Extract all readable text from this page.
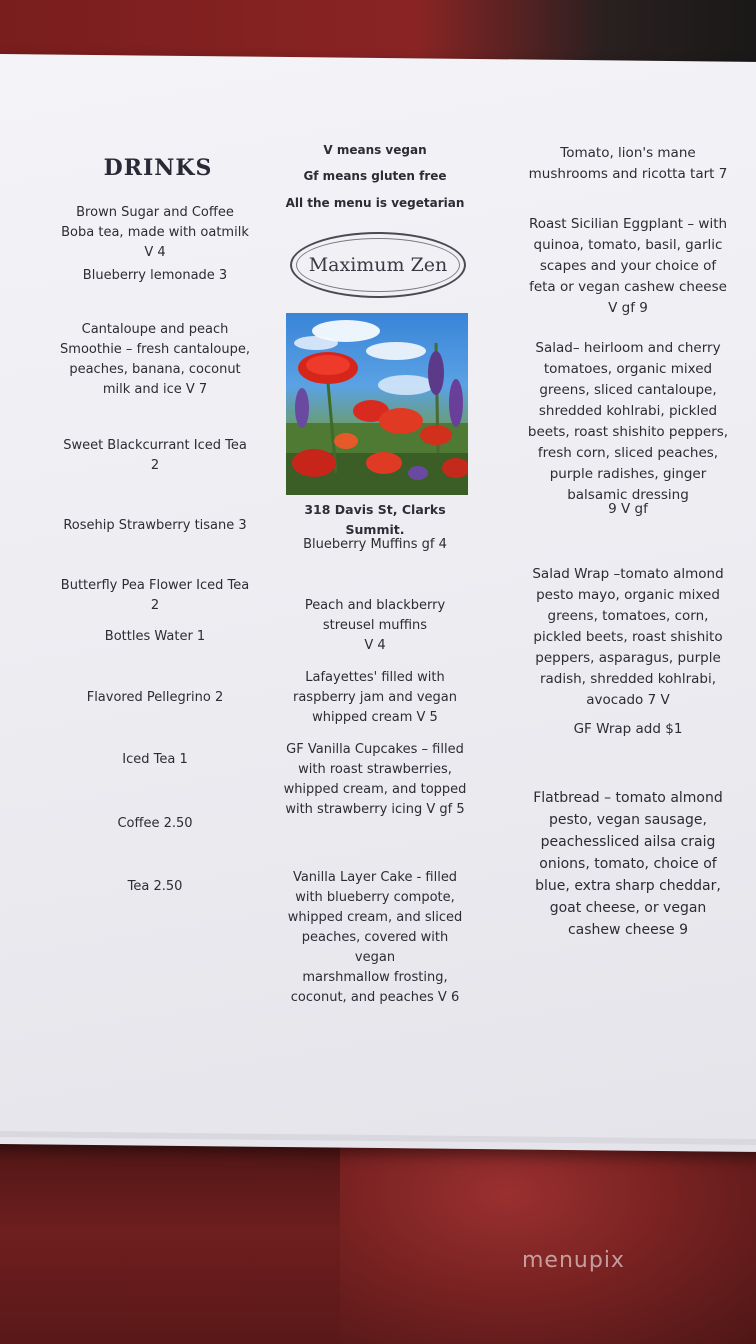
DRINKS
Brown Sugar and Coffee
Boba tea, made with oatmilk
V 4
Blueberry lemonade 3
Cantaloupe and peach
Smoothie – fresh cantaloupe,
peaches, banana, coconut
milk and ice V 7
Sweet Blackcurrant Iced Tea
2
Rosehip Strawberry tisane 3
Butterfly Pea Flower Iced Tea
2
Bottles Water 1
Flavored Pellegrino 2
Iced Tea 1
Coffee 2.50
Tea 2.50
V means vegan
Gf means gluten free
All the menu is vegetarian
Maximum Zen
318 Davis St, Clarks Summit.
Blueberry Muffins gf 4
Peach and blackberry
streusel muffins
V 4
Lafayettes' filled with
raspberry jam and vegan
whipped cream V 5
GF Vanilla Cupcakes – filled
with roast strawberries,
whipped cream, and topped
with strawberry icing V gf 5
Vanilla Layer Cake - filled
with blueberry compote,
whipped cream, and sliced
peaches, covered with vegan
marshmallow frosting,
coconut, and peaches V 6
Tomato, lion's mane
mushrooms and ricotta tart 7
Roast Sicilian Eggplant – with
quinoa, tomato, basil, garlic
scapes and your choice of
feta or vegan cashew cheese
V gf 9
Salad– heirloom and cherry
tomatoes, organic mixed
greens, sliced cantaloupe,
shredded kohlrabi, pickled
beets, roast shishito peppers,
fresh corn, sliced peaches,
purple radishes, ginger
balsamic dressing
9 V gf
Salad Wrap –tomato almond
pesto mayo, organic mixed
greens, tomatoes, corn,
pickled beets, roast shishito
peppers, asparagus, purple
radish, shredded kohlrabi,
avocado 7 V
GF Wrap add $1
Flatbread – tomato almond
pesto, vegan sausage,
peachessliced ailsa craig
onions, tomato, choice of
blue, extra sharp cheddar,
goat cheese, or vegan
cashew cheese 9
menupix
